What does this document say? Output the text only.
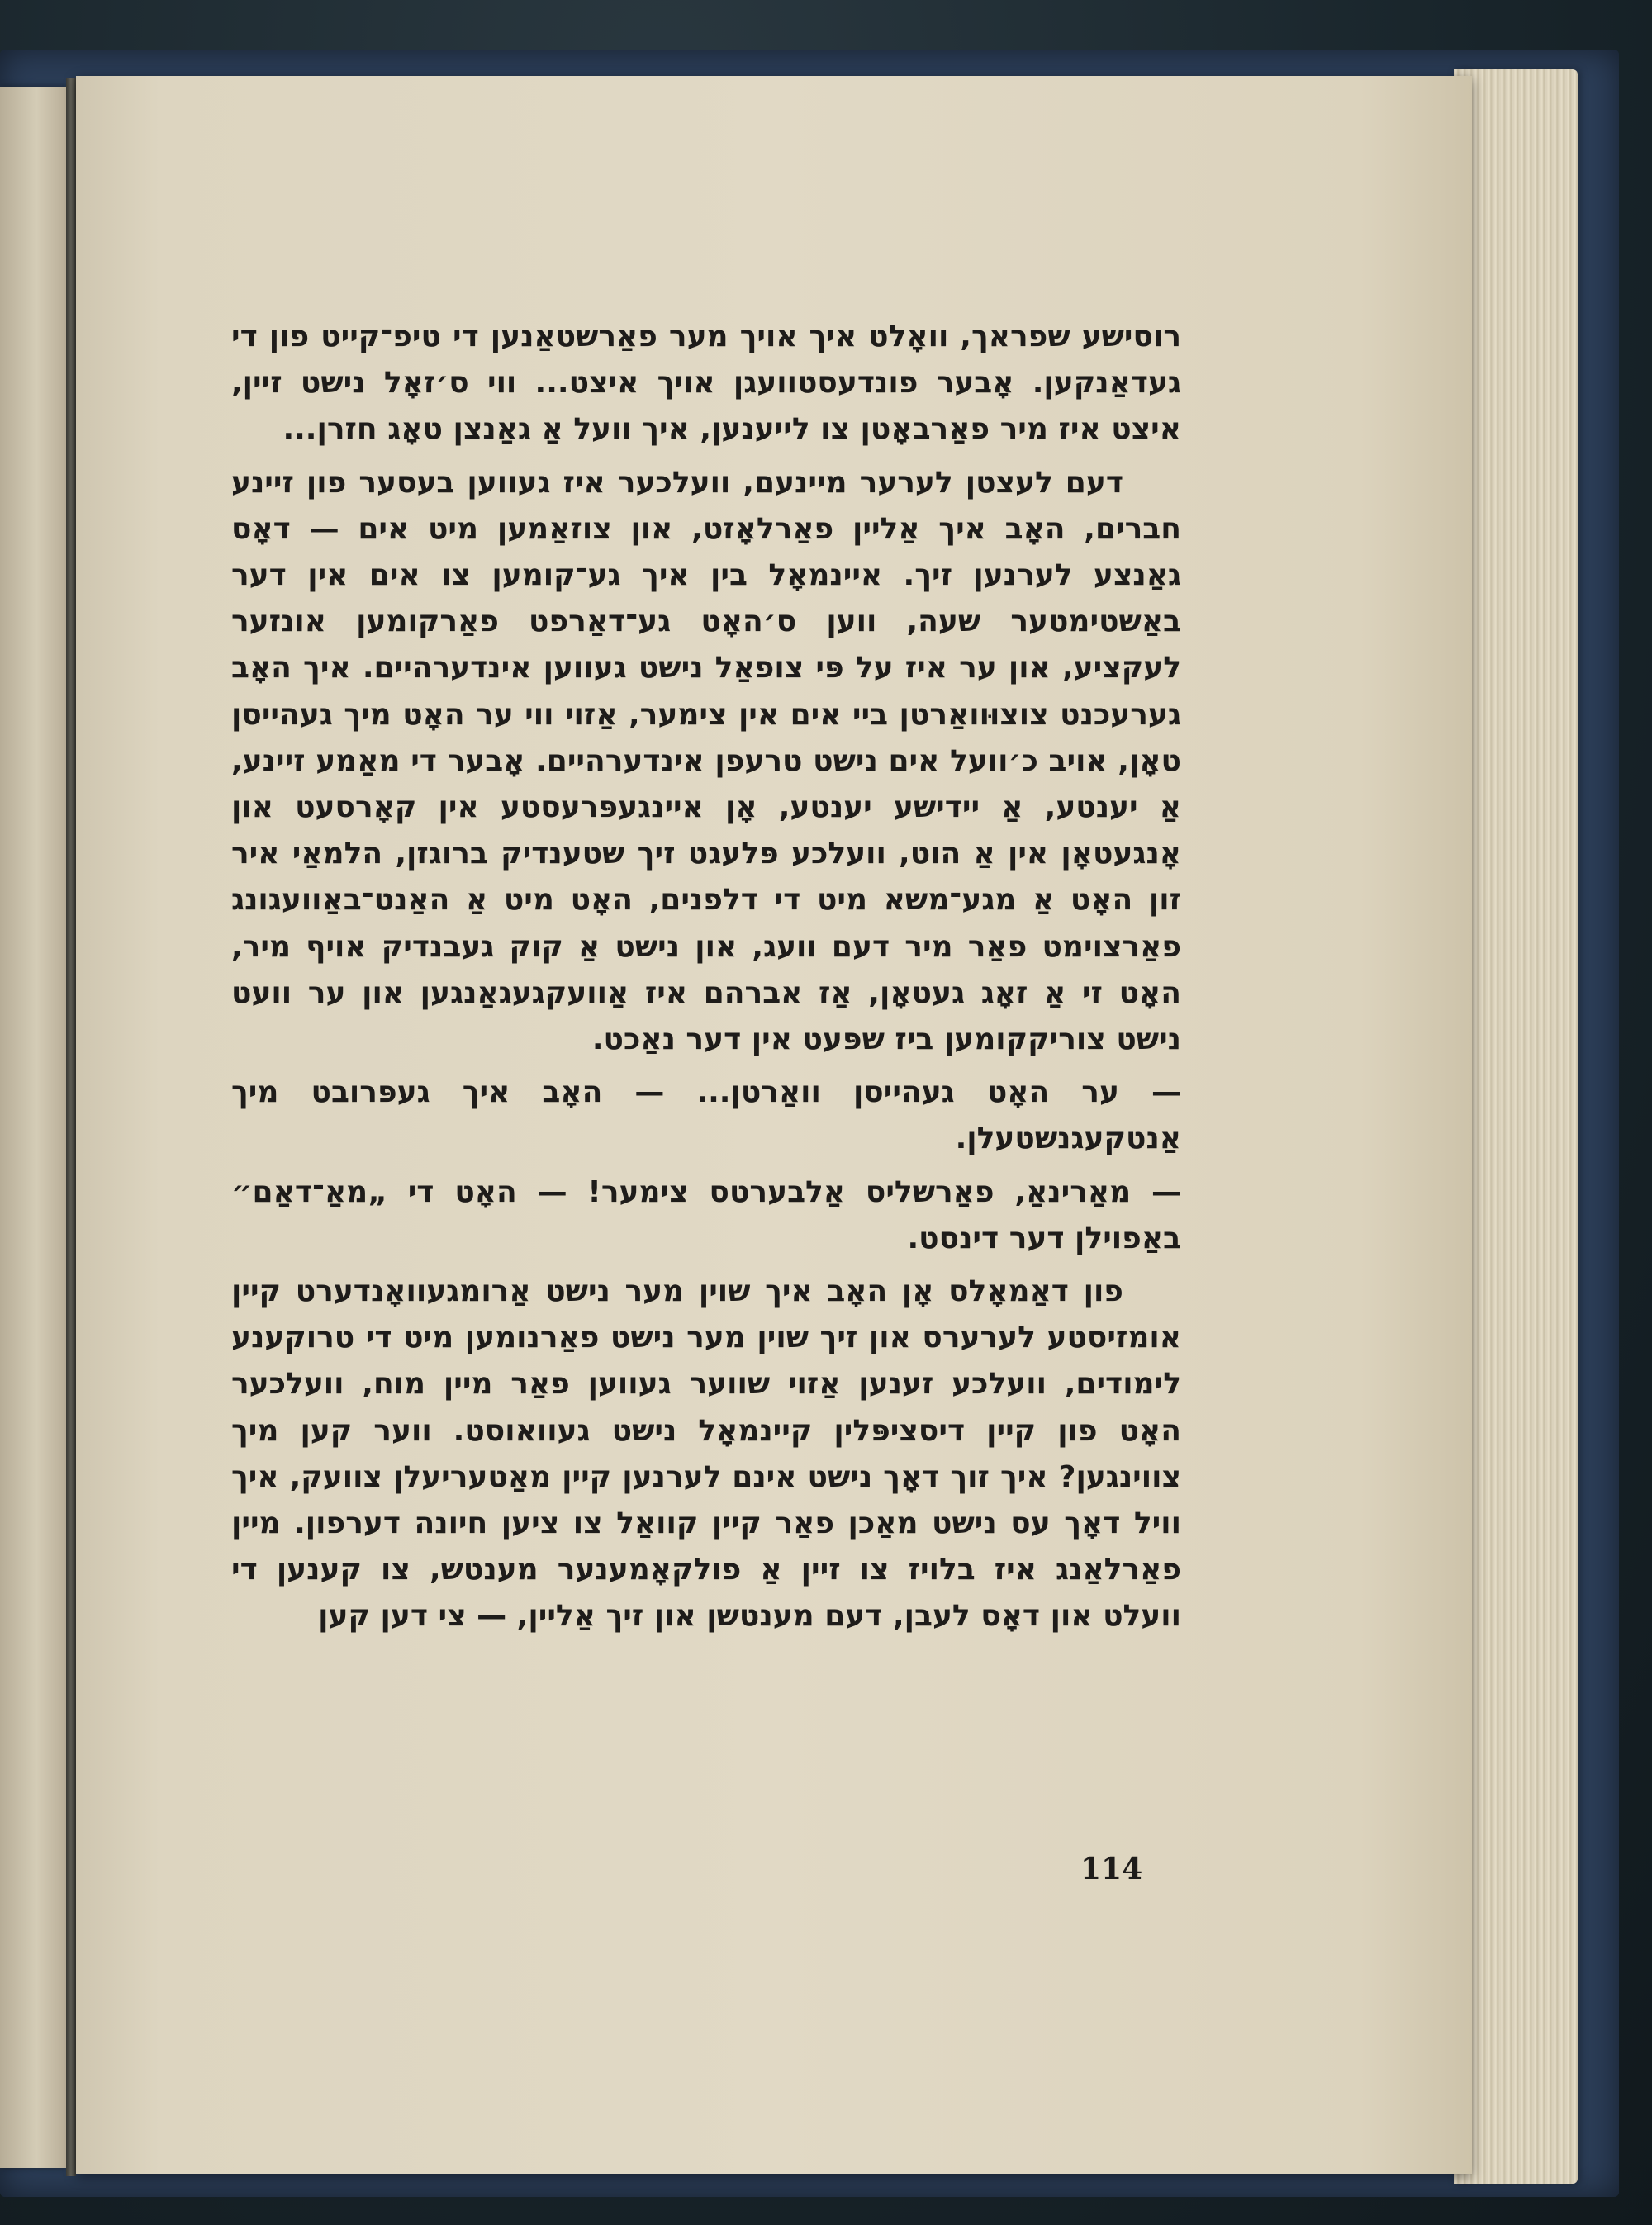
רוסישע שפראך, וואָלט איך אויך מער פאַרשטאַנען די טיפ־קייט פון די געדאַנקען. אָבער פונדעסטוועגן אויך איצט... ווי ס׳זאָל נישט זיין, איצט איז מיר פאַרבאָטן צו לייענען, איך וועל אַ גאַנצן טאָג חזרן...

דעם לעצטן לערער מיינעם, וועלכער איז געווען בעסער פון זיינע חברים, האָב איך אַליין פאַרלאָזט, און צוזאַמען מיט אים — דאָס גאַנצע לערנען זיך. איינמאָל בין איך גע־קומען צו אים אין דער באַשטימטער שעה, ווען ס׳האָט גע־דאַרפט פאַרקומען אונזער לעקציע, און ער איז על פּי צופאַל נישט געווען אינדערהיים. איך האָב גערעכנט צוצוּוואַרטן ביי אים אין צימער, אַזוי ווי ער האָט מיך געהייסן טאָן, אויב כ׳וועל אים נישט טרעפן אינדערהיים. אָבער די מאַמע זיינע, אַ יענטע, אַ יידישע יענטע, אָן איינגעפּרעסטע אין קאָרסעט און אָנגעטאָן אין אַ הוט, וועלכע פּלעגט זיך שטענדיק ברוגזן, הלמאַי איר זון האָט אַ מגע־משא מיט די דלפנים, האָט מיט אַ האַנט־באַוועגונג פאַרצוימט פאַר מיר דעם וועג, און נישט אַ קוק געבנדיק אויף מיר, האָט זי אַ זאָג געטאָן, אַז אברהם איז אַוועקגעגאַנגען און ער וועט נישט צוריקקומען ביז שפּעט אין דער נאַכט.

— ער האָט געהייסן וואַרטן... — האָב איך געפּרובט מיך אַנטקעגנשטעלן.

— מאַרינאַ, פאַרשליס אַלבערטס צימער! — האָט די „מאַ־דאַם״ באַפוילן דער דינסט.

פון דאַמאָלס אָן האָב איך שוין מער נישט אַרומגעוואָנדערט קיין אומזיסטע לערערס און זיך שוין מער נישט פאַרנומען מיט די טרוקענע לימודים, וועלכע זענען אַזוי שווער געווען פאַר מיין מוח, וועלכער האָט פון קיין דיסציפּלין קיינמאָל נישט געוואוסט. ווער קען מיך צווינגען? איך זוך דאָך נישט אינם לערנען קיין מאַטעריעלן צוועק, איך וויל דאָך עס נישט מאַכן פאַר קיין קוואַל צו ציען חיונה דערפון. מיין פאַרלאַנג איז בלויז צו זיין אַ פולקאָמענער מענטש, צו קענען די וועלט און דאָס לעבן, דעם מענטשן און זיך אַליין, — צי דען קען

114
